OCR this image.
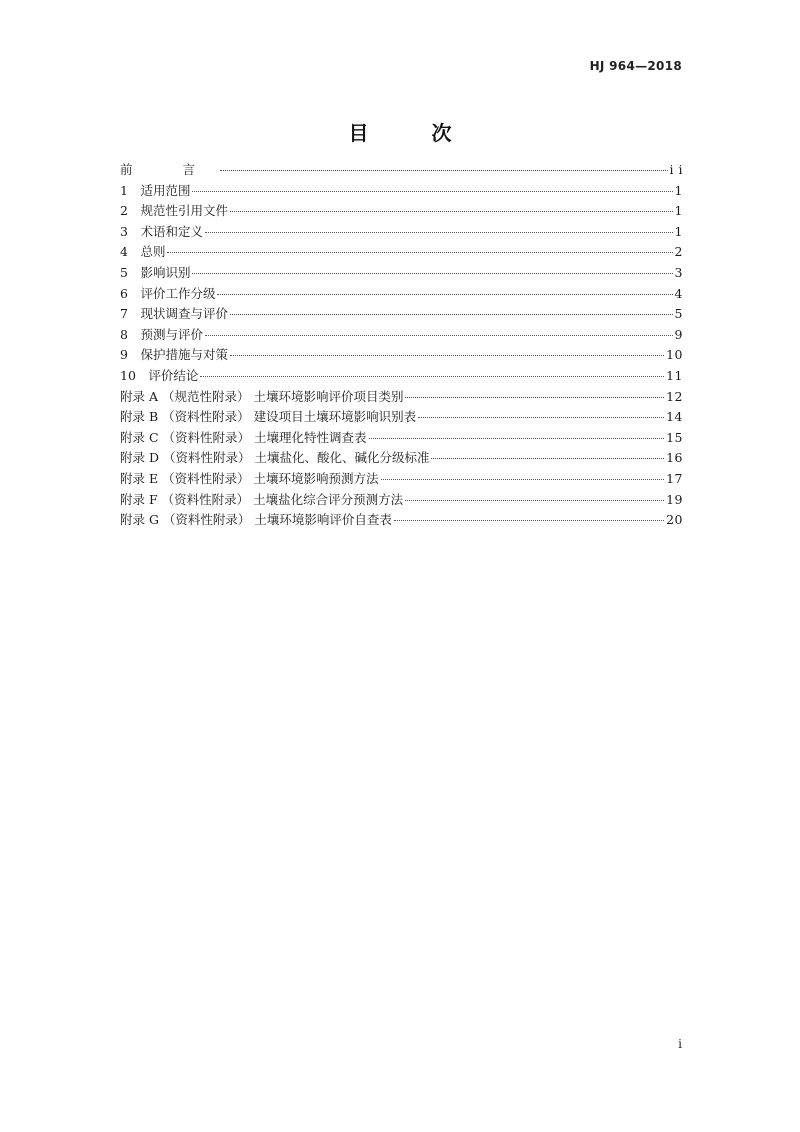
HJ 964—2018
目 次
前 言	i i
1　适用范围	1
2　规范性引用文件	1
3　术语和定义	1
4　总则	2
5　影响识别	3
6　评价工作分级	4
7　现状调查与评价	5
8　预测与评价	9
9　保护措施与对策	10
10　评价结论	11
附录 A （规范性附录） 土壤环境影响评价项目类别	12
附录 B （资料性附录） 建设项目土壤环境影响识别表	14
附录 C （资料性附录） 土壤理化特性调查表	15
附录 D （资料性附录） 土壤盐化、酸化、碱化分级标准	16
附录 E （资料性附录） 土壤环境影响预测方法	17
附录 F （资料性附录） 土壤盐化综合评分预测方法	19
附录 G （资料性附录） 土壤环境影响评价自查表	20
i
